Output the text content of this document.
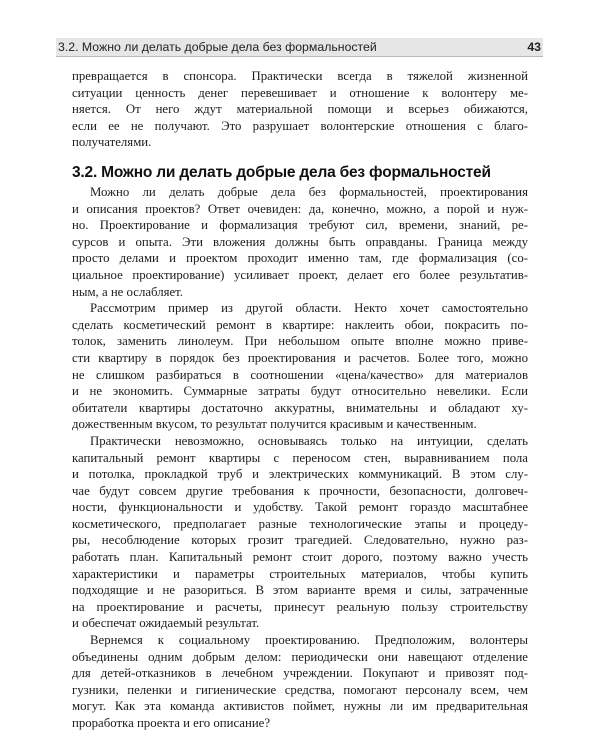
3.2. Можно ли делать добрые дела без формальностей	43

превращается в спонсора. Практически всегда в тяжелой жизненной
ситуации ценность денег перевешивает и отношение к волонтеру ме-
няется. От него ждут материальной помощи и всерьез обижаются,
если ее не получают. Это разрушает волонтерские отношения с благо-
получателями.

3.2. Можно ли делать добрые дела без формальностей

Можно ли делать добрые дела без формальностей, проектирования
и описания проектов? Ответ очевиден: да, конечно, можно, а порой и нуж-
но. Проектирование и формализация требуют сил, времени, знаний, ре-
сурсов и опыта. Эти вложения должны быть оправданы. Граница между
просто делами и проектом проходит именно там, где формализация (со-
циальное проектирование) усиливает проект, делает его более результатив-
ным, а не ослабляет.

Рассмотрим пример из другой области. Некто хочет самостоятельно
сделать косметический ремонт в квартире: наклеить обои, покрасить по-
толок, заменить линолеум. При небольшом опыте вполне можно приве-
сти квартиру в порядок без проектирования и расчетов. Более того, можно
не слишком разбираться в соотношении «цена/качество» для материалов
и не экономить. Суммарные затраты будут относительно невелики. Если
обитатели квартиры достаточно аккуратны, внимательны и обладают ху-
дожественным вкусом, то результат получится красивым и качественным.

Практически невозможно, основываясь только на интуиции, сделать
капитальный ремонт квартиры с переносом стен, выравниванием пола
и потолка, прокладкой труб и электрических коммуникаций. В этом слу-
чае будут совсем другие требования к прочности, безопасности, долговеч-
ности, функциональности и удобству. Такой ремонт гораздо масштабнее
косметического, предполагает разные технологические этапы и процеду-
ры, несоблюдение которых грозит трагедией. Следовательно, нужно раз-
работать план. Капитальный ремонт стоит дорого, поэтому важно учесть
характеристики и параметры строительных материалов, чтобы купить
подходящие и не разориться. В этом варианте время и силы, затраченные
на проектирование и расчеты, принесут реальную пользу строительству
и обеспечат ожидаемый результат.

Вернемся к социальному проектированию. Предположим, волонтеры
объединены одним добрым делом: периодически они навещают отделение
для детей-отказников в лечебном учреждении. Покупают и привозят под-
гузники, пеленки и гигиенические средства, помогают персоналу всем, чем
могут. Как эта команда активистов поймет, нужны ли им предварительная
проработка проекта и его описание?
